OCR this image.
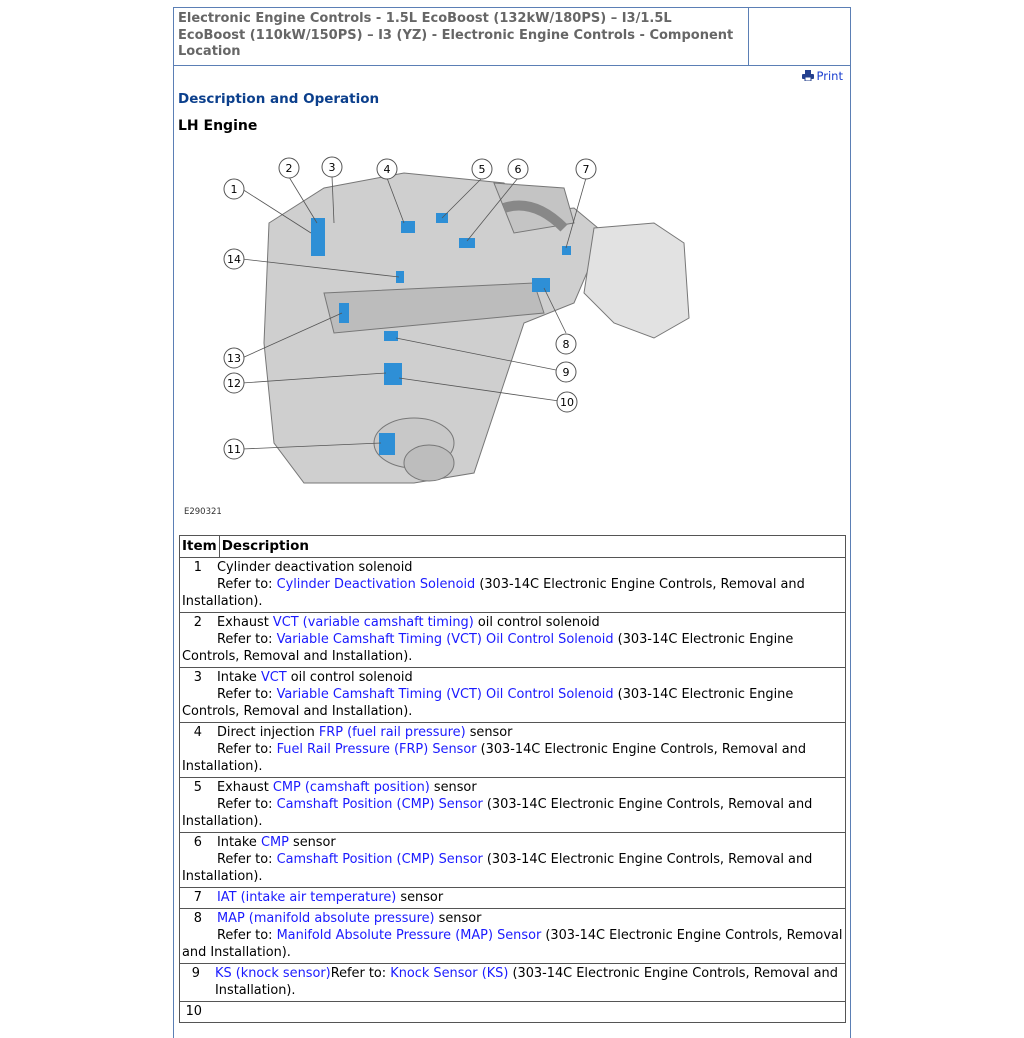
Electronic Engine Controls - 1.5L EcoBoost (132kW/180PS) – I3/1.5L EcoBoost (110kW/150PS) – I3 (YZ) - Electronic Engine Controls - Component Location
Print
Description and Operation
LH Engine
1
2	3	4	5	6	7
8
9
10
11
12
13
14
E290321
Item	Description
1 Cylinder deactivation solenoid
Refer to: Cylinder Deactivation Solenoid (303-14C Electronic Engine Controls, Removal and Installation).
2 Exhaust VCT (variable camshaft timing) oil control solenoid
Refer to: Variable Camshaft Timing (VCT) Oil Control Solenoid (303-14C Electronic Engine Controls, Removal and Installation).
3 Intake VCT oil control solenoid
Refer to: Variable Camshaft Timing (VCT) Oil Control Solenoid (303-14C Electronic Engine Controls, Removal and Installation).
4 Direct injection FRP (fuel rail pressure) sensor
Refer to: Fuel Rail Pressure (FRP) Sensor (303-14C Electronic Engine Controls, Removal and Installation).
5 Exhaust CMP (camshaft position) sensor
Refer to: Camshaft Position (CMP) Sensor (303-14C Electronic Engine Controls, Removal and Installation).
6 Intake CMP sensor
Refer to: Camshaft Position (CMP) Sensor (303-14C Electronic Engine Controls, Removal and Installation).
7 IAT (intake air temperature) sensor
8 MAP (manifold absolute pressure) sensor
Refer to: Manifold Absolute Pressure (MAP) Sensor (303-14C Electronic Engine Controls, Removal and Installation).
9 KS (knock sensor)Refer to: Knock Sensor (KS) (303-14C Electronic Engine Controls, Removal and Installation).
10
